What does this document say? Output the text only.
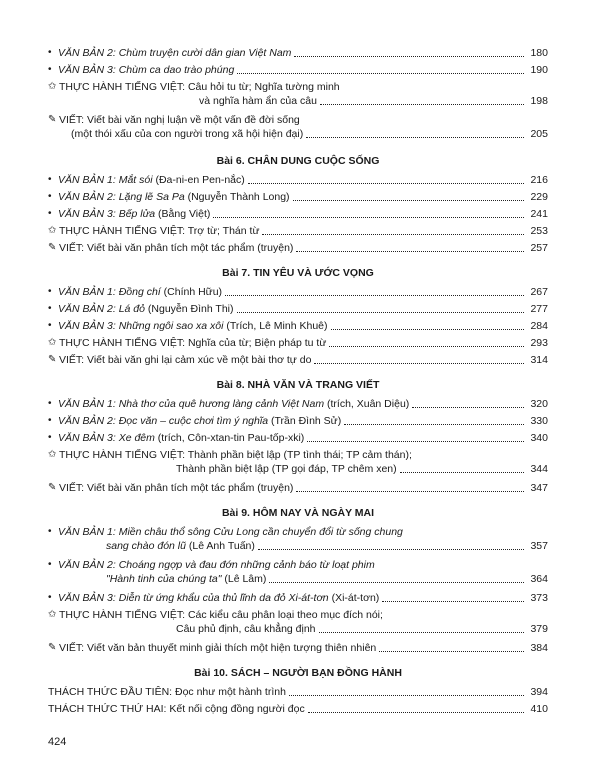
• VĂN BẢN 2: Chùm truyện cười dân gian Việt Nam	180
• VĂN BẢN 3: Chùm ca dao trào phúng	190
✩ THỰC HÀNH TIẾNG VIỆT: Câu hỏi tu từ; Nghĩa tường minh
và nghĩa hàm ẩn của câu	198
✎ VIẾT: Viết bài văn nghị luận về một vấn đề đời sống
(một thói xấu của con người trong xã hội hiện đại)	205
Bài 6. CHÂN DUNG CUỘC SỐNG
• VĂN BẢN 1: Mắt sói (Đa-ni-en Pen-nắc)	216
• VĂN BẢN 2: Lặng lẽ Sa Pa (Nguyễn Thành Long)	229
• VĂN BẢN 3: Bếp lửa (Bằng Việt)	241
✩ THỰC HÀNH TIẾNG VIỆT: Trợ từ; Thán từ	253
✎ VIẾT: Viết bài văn phân tích một tác phẩm (truyện)	257
Bài 7. TIN YÊU VÀ ƯỚC VỌNG
• VĂN BẢN 1: Đồng chí (Chính Hữu)	267
• VĂN BẢN 2: Lá đỏ (Nguyễn Đình Thi)	277
• VĂN BẢN 3: Những ngôi sao xa xôi (Trích, Lê Minh Khuê)	284
✩ THỰC HÀNH TIẾNG VIỆT: Nghĩa của từ; Biện pháp tu từ	293
✎ VIẾT: Viết bài văn ghi lại cảm xúc về một bài thơ tự do	314
Bài 8. NHÀ VĂN VÀ TRANG VIẾT
• VĂN BẢN 1: Nhà thơ của quê hương làng cảnh Việt Nam (trích, Xuân Diệu)	320
• VĂN BẢN 2: Đọc văn – cuộc chơi tìm ý nghĩa (Trần Đình Sử)	330
• VĂN BẢN 3: Xe đêm (trích, Côn-xtan-tin Pau-tốp-xki)	340
✩ THỰC HÀNH TIẾNG VIỆT: Thành phần biệt lập (TP tình thái; TP cảm thán);
Thành phần biệt lập (TP gọi đáp, TP chêm xen)	344
✎ VIẾT: Viết bài văn phân tích một tác phẩm (truyện)	347
Bài 9. HÔM NAY VÀ NGÀY MAI
• VĂN BẢN 1: Miền châu thổ sông Cửu Long cần chuyển đổi từ sống chung
sang chào đón lũ (Lê Anh Tuấn)	357
• VĂN BẢN 2: Choáng ngợp và đau đớn những cảnh báo từ loạt phim
"Hành tinh của chúng ta" (Lê Lâm)	364
• VĂN BẢN 3: Diễn từ ứng khẩu của thủ lĩnh da đỏ Xi-át-tơn (Xi-át-tơn)	373
✩ THỰC HÀNH TIẾNG VIỆT: Các kiểu câu phân loại theo mục đích nói;
Câu phủ định, câu khẳng định	379
✎ VIẾT: Viết văn bản thuyết minh giải thích một hiện tượng thiên nhiên	384
Bài 10. SÁCH – NGƯỜI BẠN ĐỒNG HÀNH
THÁCH THỨC ĐẦU TIÊN: Đọc như một hành trình	394
THÁCH THỨC THỨ HAI: Kết nối cộng đồng người đọc	410
424
